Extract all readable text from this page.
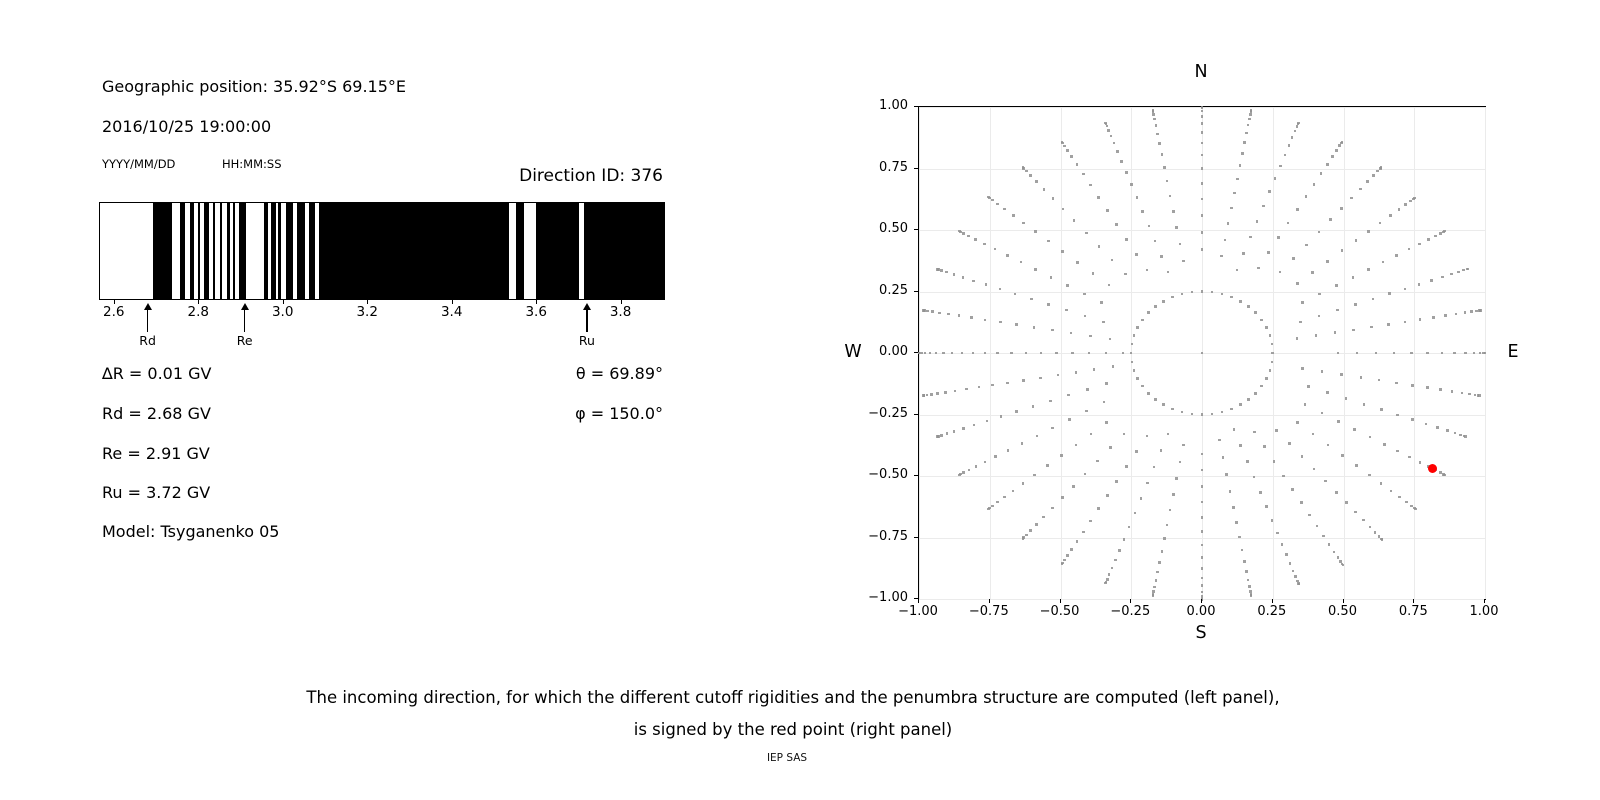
Geographic position: 35.92°S 69.15°E
2016/10/25 19:00:00
YYYY/MM/DD	HH:MM:SS
Direction ID: 376
2.6	2.8	3.0	3.2	3.4	3.6	3.8
Rd	Re	Ru
∆R = 0.01 GV
Rd = 2.68 GV
Re = 2.91 GV
Ru = 3.72 GV
Model: Tsyganenko 05
θ = 69.89°
φ = 150.0°
N
S
W	E
−1.00	−0.75	−0.50	−0.25	0.00	0.25	0.50	0.75	1.00
1.00
0.75
0.50
0.25
0.00
−0.25
−0.50
−0.75
−1.00
The incoming direction, for which the different cutoff rigidities and the penumbra structure are computed (left panel),
is signed by the red point (right panel)
IEP SAS
